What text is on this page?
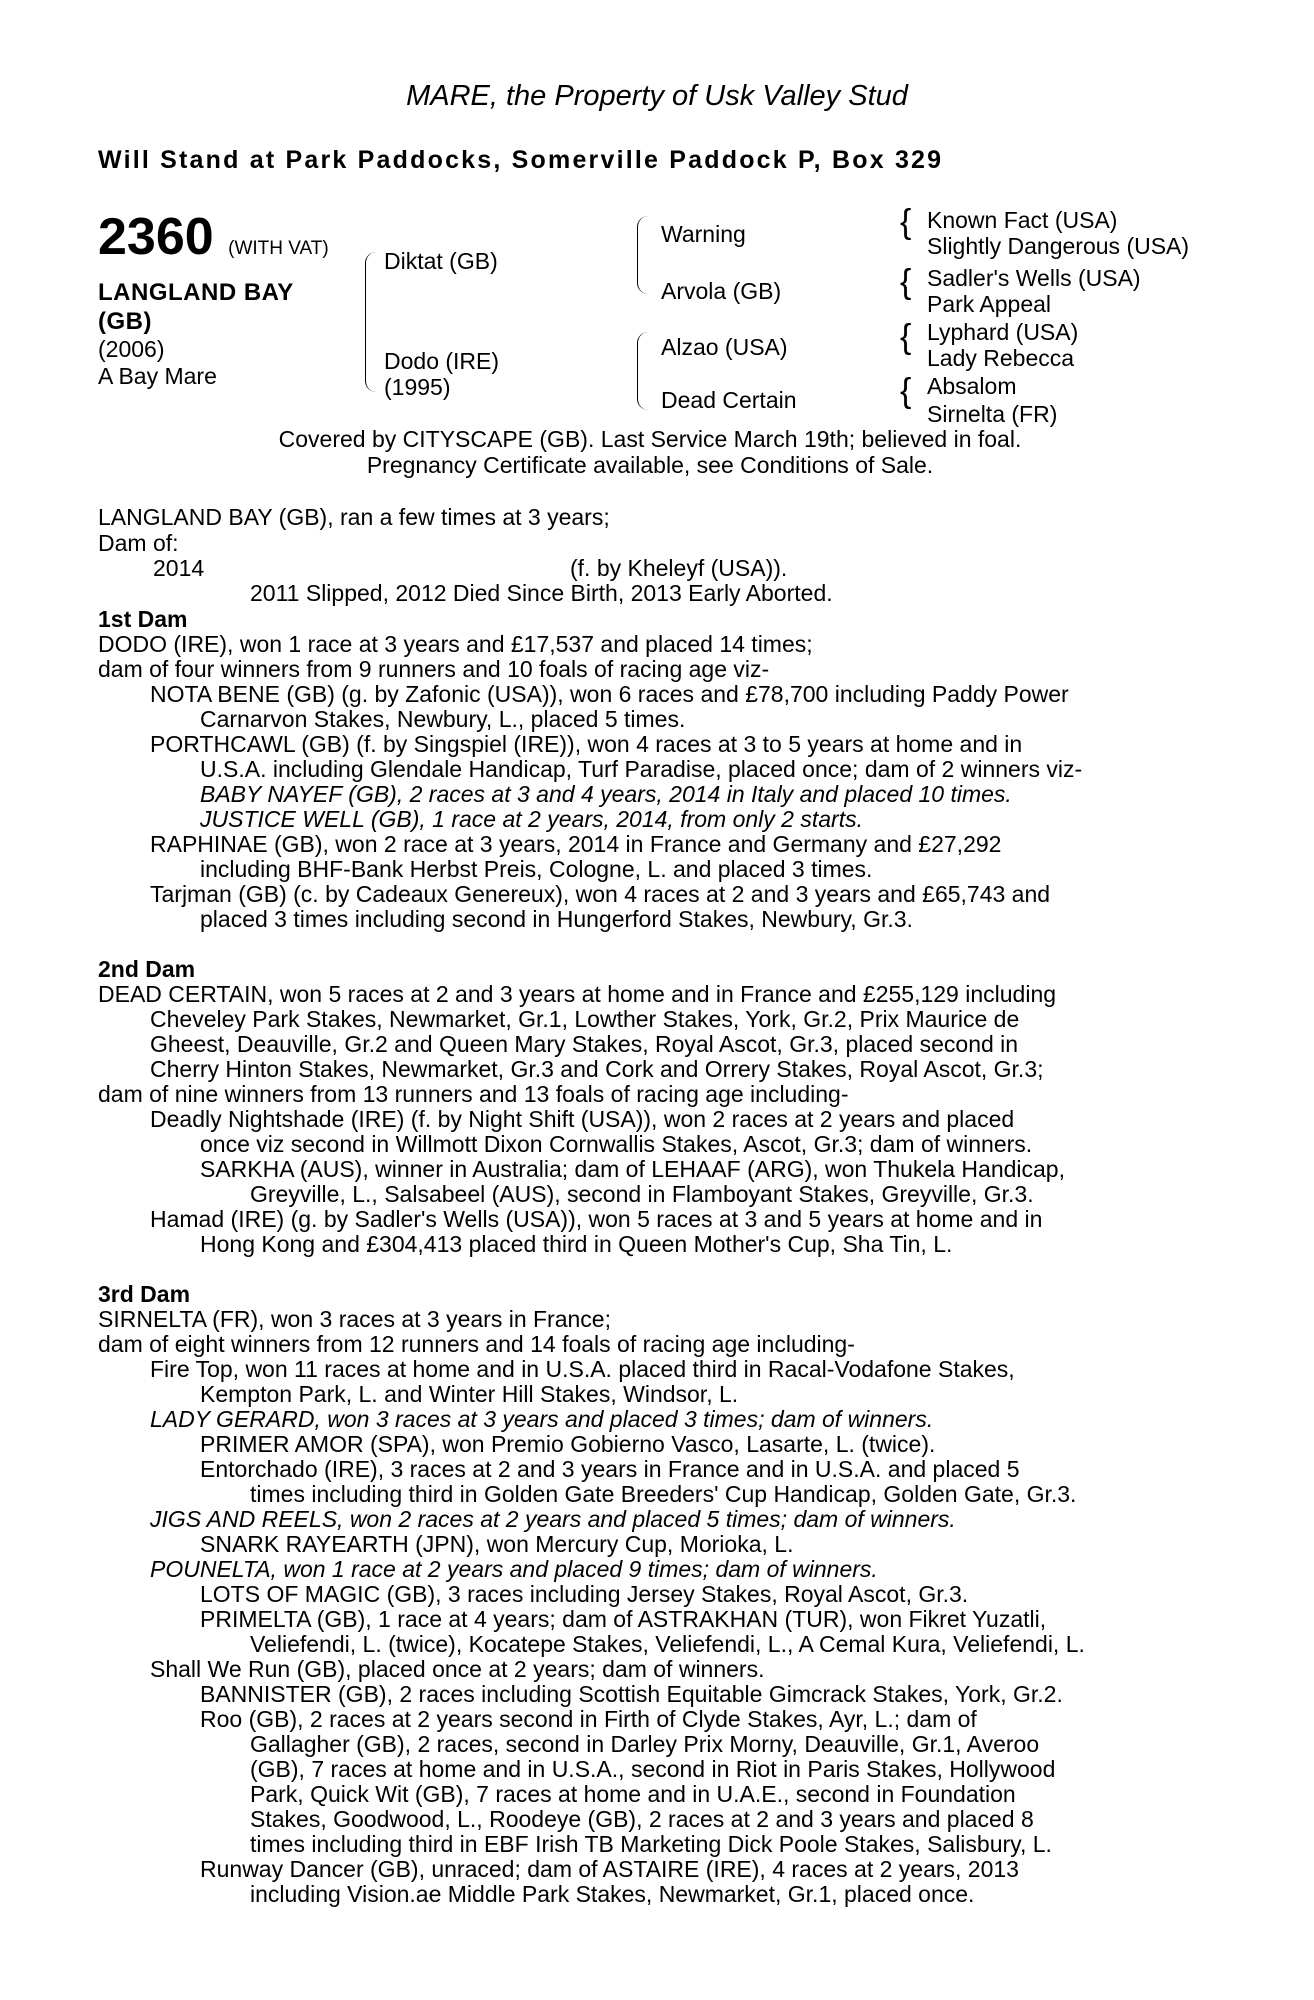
MARE, the Property of Usk Valley Stud
Will Stand at Park Paddocks, Somerville Paddock P, Box 329
2360 (WITH VAT)
LANGLAND BAY
(GB)
(2006)
A Bay Mare
Diktat (GB)
Dodo (IRE)
(1995)
Warning
Arvola (GB)
Alzao (USA)
Dead Certain
{ Known Fact (USA)
Slightly Dangerous (USA)
{ Sadler's Wells (USA)
Park Appeal
{ Lyphard (USA)
Lady Rebecca
{ Absalom
Sirnelta (FR)
Covered by CITYSCAPE (GB). Last Service March 19th; believed in foal.
Pregnancy Certificate available, see Conditions of Sale.
LANGLAND BAY (GB), ran a few times at 3 years;
Dam of:
2014	(f. by Kheleyf (USA)).
2011 Slipped, 2012 Died Since Birth, 2013 Early Aborted.
1st Dam
DODO (IRE), won 1 race at 3 years and £17,537 and placed 14 times;
dam of four winners from 9 runners and 10 foals of racing age viz-
NOTA BENE (GB) (g. by Zafonic (USA)), won 6 races and £78,700 including Paddy Power
Carnarvon Stakes, Newbury, L., placed 5 times.
PORTHCAWL (GB) (f. by Singspiel (IRE)), won 4 races at 3 to 5 years at home and in
U.S.A. including Glendale Handicap, Turf Paradise, placed once; dam of 2 winners viz-
BABY NAYEF (GB), 2 races at 3 and 4 years, 2014 in Italy and placed 10 times.
JUSTICE WELL (GB), 1 race at 2 years, 2014, from only 2 starts.
RAPHINAE (GB), won 2 race at 3 years, 2014 in France and Germany and £27,292
including BHF-Bank Herbst Preis, Cologne, L. and placed 3 times.
Tarjman (GB) (c. by Cadeaux Genereux), won 4 races at 2 and 3 years and £65,743 and
placed 3 times including second in Hungerford Stakes, Newbury, Gr.3.
2nd Dam
DEAD CERTAIN, won 5 races at 2 and 3 years at home and in France and £255,129 including
Cheveley Park Stakes, Newmarket, Gr.1, Lowther Stakes, York, Gr.2, Prix Maurice de
Gheest, Deauville, Gr.2 and Queen Mary Stakes, Royal Ascot, Gr.3, placed second in
Cherry Hinton Stakes, Newmarket, Gr.3 and Cork and Orrery Stakes, Royal Ascot, Gr.3;
dam of nine winners from 13 runners and 13 foals of racing age including-
Deadly Nightshade (IRE) (f. by Night Shift (USA)), won 2 races at 2 years and placed
once viz second in Willmott Dixon Cornwallis Stakes, Ascot, Gr.3; dam of winners.
SARKHA (AUS), winner in Australia; dam of LEHAAF (ARG), won Thukela Handicap,
Greyville, L., Salsabeel (AUS), second in Flamboyant Stakes, Greyville, Gr.3.
Hamad (IRE) (g. by Sadler's Wells (USA)), won 5 races at 3 and 5 years at home and in
Hong Kong and £304,413 placed third in Queen Mother's Cup, Sha Tin, L.
3rd Dam
SIRNELTA (FR), won 3 races at 3 years in France;
dam of eight winners from 12 runners and 14 foals of racing age including-
Fire Top, won 11 races at home and in U.S.A. placed third in Racal-Vodafone Stakes,
Kempton Park, L. and Winter Hill Stakes, Windsor, L.
LADY GERARD, won 3 races at 3 years and placed 3 times; dam of winners.
PRIMER AMOR (SPA), won Premio Gobierno Vasco, Lasarte, L. (twice).
Entorchado (IRE), 3 races at 2 and 3 years in France and in U.S.A. and placed 5
times including third in Golden Gate Breeders' Cup Handicap, Golden Gate, Gr.3.
JIGS AND REELS, won 2 races at 2 years and placed 5 times; dam of winners.
SNARK RAYEARTH (JPN), won Mercury Cup, Morioka, L.
POUNELTA, won 1 race at 2 years and placed 9 times; dam of winners.
LOTS OF MAGIC (GB), 3 races including Jersey Stakes, Royal Ascot, Gr.3.
PRIMELTA (GB), 1 race at 4 years; dam of ASTRAKHAN (TUR), won Fikret Yuzatli,
Veliefendi, L. (twice), Kocatepe Stakes, Veliefendi, L., A Cemal Kura, Veliefendi, L.
Shall We Run (GB), placed once at 2 years; dam of winners.
BANNISTER (GB), 2 races including Scottish Equitable Gimcrack Stakes, York, Gr.2.
Roo (GB), 2 races at 2 years second in Firth of Clyde Stakes, Ayr, L.; dam of
Gallagher (GB), 2 races, second in Darley Prix Morny, Deauville, Gr.1, Averoo
(GB), 7 races at home and in U.S.A., second in Riot in Paris Stakes, Hollywood
Park, Quick Wit (GB), 7 races at home and in U.A.E., second in Foundation
Stakes, Goodwood, L., Roodeye (GB), 2 races at 2 and 3 years and placed 8
times including third in EBF Irish TB Marketing Dick Poole Stakes, Salisbury, L.
Runway Dancer (GB), unraced; dam of ASTAIRE (IRE), 4 races at 2 years, 2013
including Vision.ae Middle Park Stakes, Newmarket, Gr.1, placed once.
